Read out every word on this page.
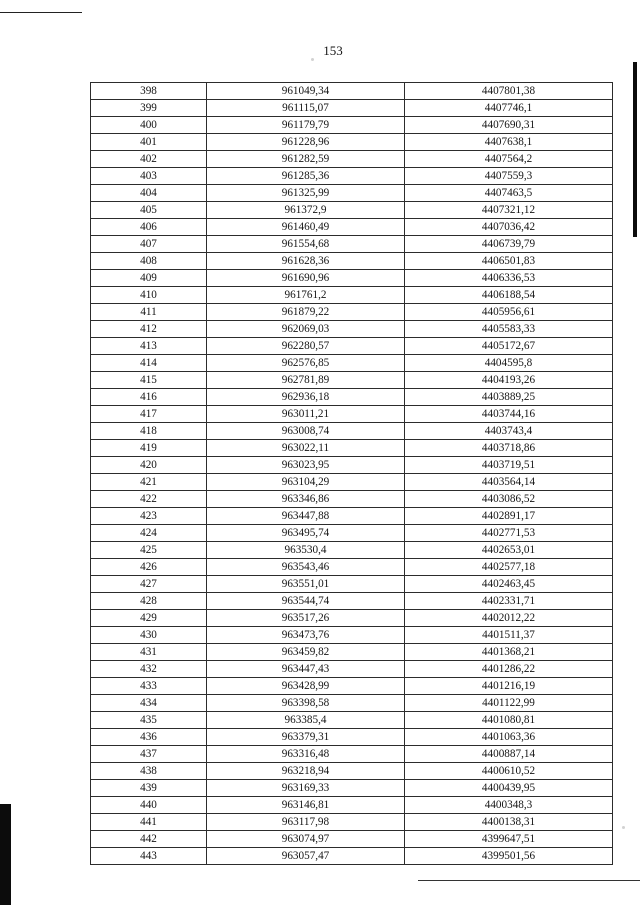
153
398	961049,34	4407801,38
399	961115,07	4407746,1
400	961179,79	4407690,31
401	961228,96	4407638,1
402	961282,59	4407564,2
403	961285,36	4407559,3
404	961325,99	4407463,5
405	961372,9	4407321,12
406	961460,49	4407036,42
407	961554,68	4406739,79
408	961628,36	4406501,83
409	961690,96	4406336,53
410	961761,2	4406188,54
411	961879,22	4405956,61
412	962069,03	4405583,33
413	962280,57	4405172,67
414	962576,85	4404595,8
415	962781,89	4404193,26
416	962936,18	4403889,25
417	963011,21	4403744,16
418	963008,74	4403743,4
419	963022,11	4403718,86
420	963023,95	4403719,51
421	963104,29	4403564,14
422	963346,86	4403086,52
423	963447,88	4402891,17
424	963495,74	4402771,53
425	963530,4	4402653,01
426	963543,46	4402577,18
427	963551,01	4402463,45
428	963544,74	4402331,71
429	963517,26	4402012,22
430	963473,76	4401511,37
431	963459,82	4401368,21
432	963447,43	4401286,22
433	963428,99	4401216,19
434	963398,58	4401122,99
435	963385,4	4401080,81
436	963379,31	4401063,36
437	963316,48	4400887,14
438	963218,94	4400610,52
439	963169,33	4400439,95
440	963146,81	4400348,3
441	963117,98	4400138,31
442	963074,97	4399647,51
443	963057,47	4399501,56
